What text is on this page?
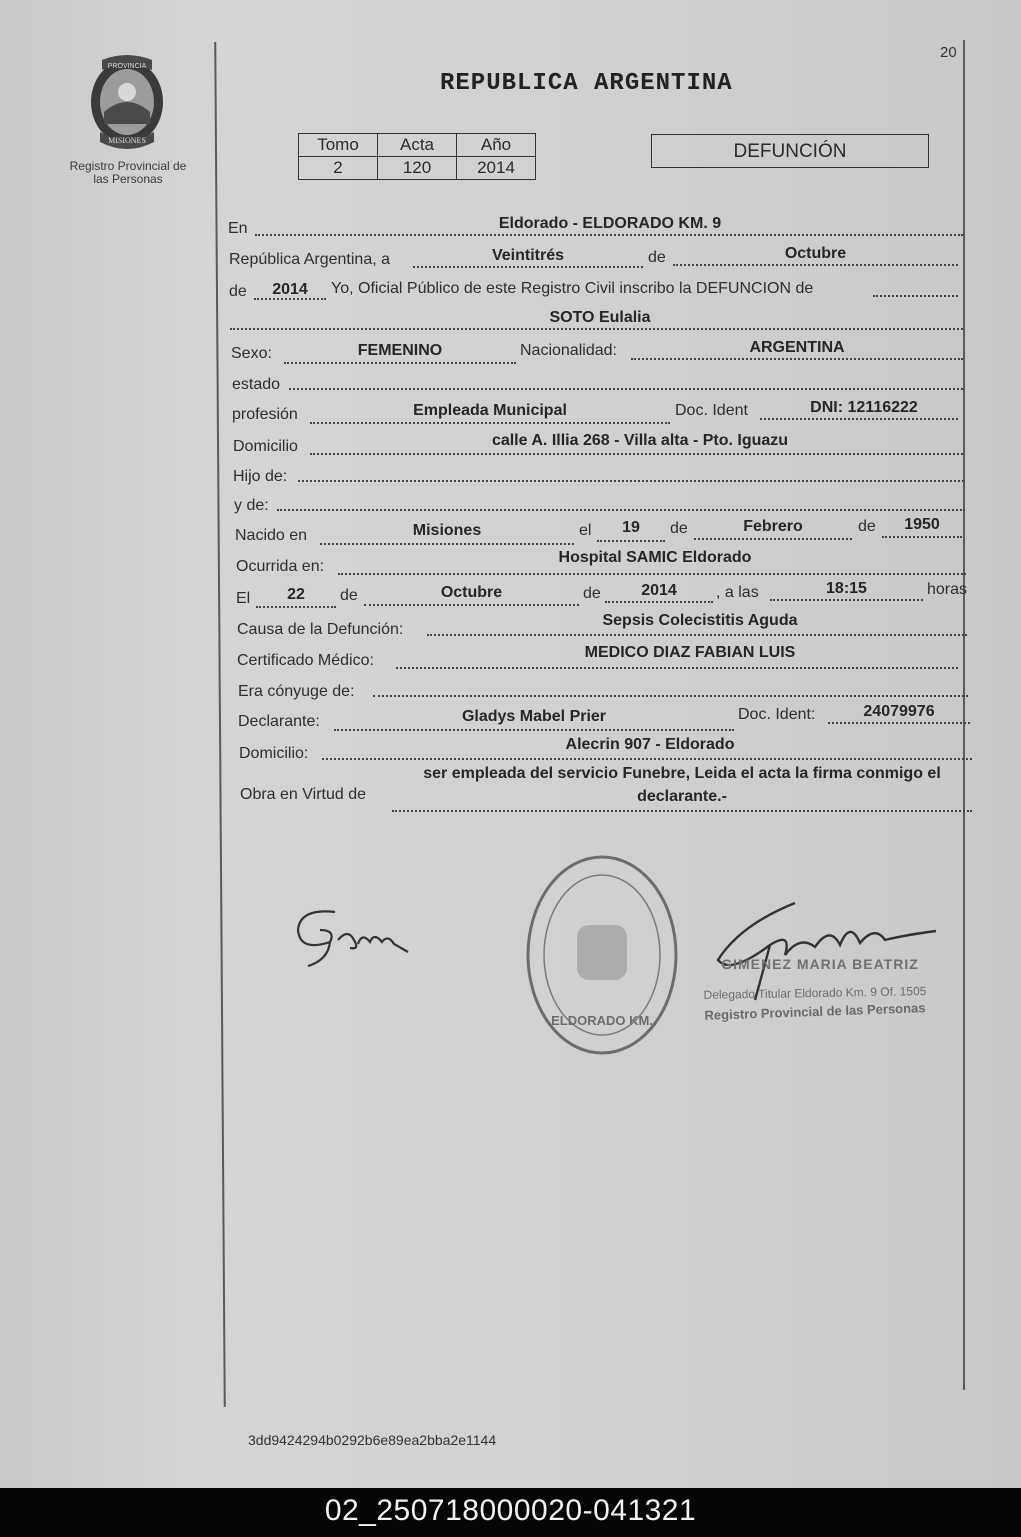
PROVINCIA
MISIONES
Registro Provincial de
las Personas
20
REPUBLICA ARGENTINA
Tomo	Acta	Año
2	120	2014
DEFUNCIÓN
En	Eldorado - ELDORADO KM. 9
República Argentina, a	Veintitrés	de	Octubre
de	2014	Yo, Oficial Público de este Registro Civil inscribo la DEFUNCION de
SOTO Eulalia
Sexo:	FEMENINO	Nacionalidad:	ARGENTINA
estado
profesión	Empleada Municipal	Doc. Ident	DNI: 12116222
Domicilio	calle A. Illia 268 - Villa alta - Pto. Iguazu
Hijo de:
y de:
Nacido en	Misiones	el	19	de	Febrero	de	1950
Ocurrida en:
Hospital SAMIC Eldorado
El	22	de	Octubre	de	2014	, a las	18:15	horas
Causa de la Defunción:
Sepsis Colecistitis Aguda
Certificado Médico:	MEDICO DIAZ FABIAN LUIS
Era cónyuge de:
Declarante:	Gladys Mabel Prier	Doc. Ident:	24079976
Domicilio:
Alecrin 907 - Eldorado
Obra en Virtud de
ser empleada del servicio Funebre, Leida el acta la firma conmigo el
declarante.-
ELDORADO KM.
GIMENEZ MARIA BEATRIZ
Delegado Titular Eldorado Km. 9 Of. 1505
Registro Provincial de las Personas
3dd9424294b0292b6e89ea2bba2e1144
02_250718000020-041321
